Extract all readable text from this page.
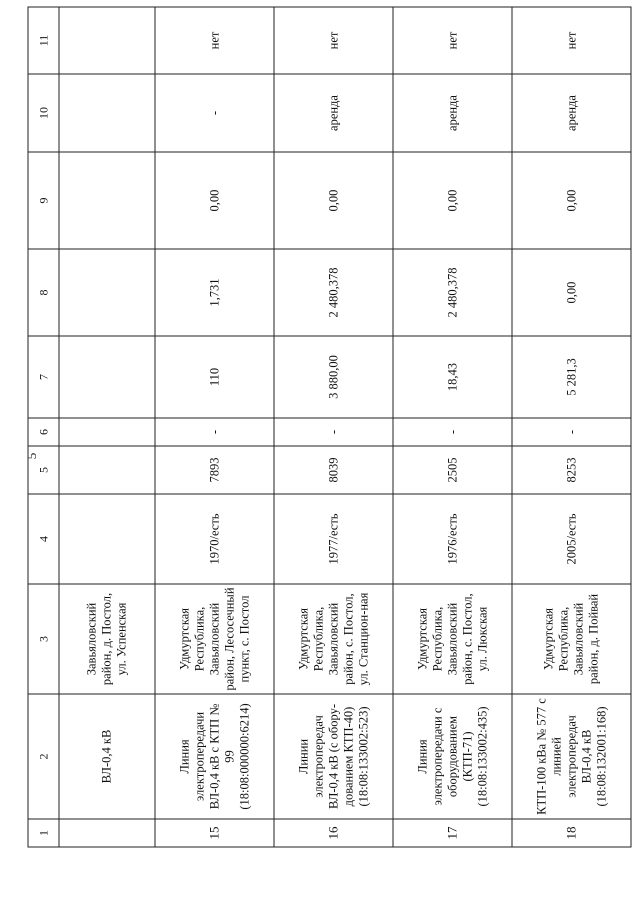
5
1	2	3	4	5	6	7	8	9	10	11
	ВЛ-0,4 кВ	Завьяловский район, д. Постол, ул. Успенская								
15	Линия электропередачи ВЛ-0,4 кВ с КТП № 99 (18:08:000000:6214)	Удмуртская Республика, Завьяловский район, Лесосечный пункт, с. Постол	1970/есть	7893	-	110	1,731	0,00	-	нет
16	Линии электропередач ВЛ-0,4 кВ (с обору-дованием КТП-40) (18:08:133002:523)	Удмуртская Республика, Завьяловский район, с. Постол, ул. Станцион-ная	1977/есть	8039	-	3 880,00	2 480,378	0,00	аренда	нет
17	Линия электропередачи с оборудованием (КТП-71) (18:08:133002:435)	Удмуртская Республика, Завьяловский район, с. Постол, ул. Люкская	1976/есть	2505	-	18,43	2 480,378	0,00	аренда	нет
18	КТП-100 кВа № 577 с линией электропередач ВЛ-0,4 кВ (18:08:132001:168)	Удмуртская Республика, Завьяловский район, д. Пойвай	2005/есть	8253	-	5 281,3	0,00	0,00	аренда	нет
